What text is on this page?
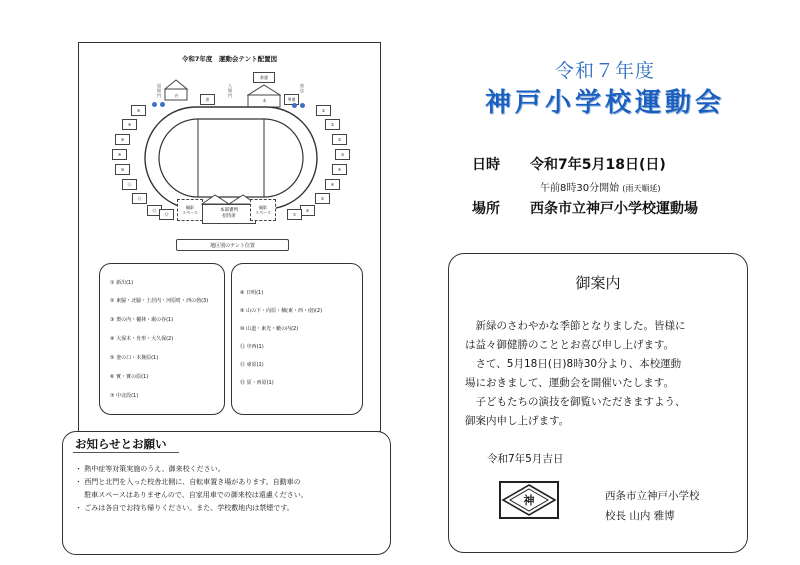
令和7年度　運動会テント配置図
台
席
救護
本	準備
退場門
入場門
放送
⑨
⑨
⑨
⑨
⑩
⑪
⑫
⑬
⑬
①
②
②
③
④
④
⑤
⑥
⑦
撮影
スペース	本部審判
招待席
撮影
スペース
地区別のテント位置
① 新出(1)
② 東脇・北脇・土居内・河原町・西の箇(3)
③ 奥の内・樋林・堀の谷(1)
④ 大保木・舟形・大久保(2)
⑤ 釜の口・木挽原(1)
⑥ 實・實の原(1)
⑦ 中北段(1)
⑧ 日明(1)
⑨ 山の下・向原・楠(東・西・南)(2)
⑩ 山道・東光・藪の内(2)
⑪ 中西(1)
⑫ 東原(1)
⑬ 原・西原(1)
お知らせとお願い
・ 熱中症等対策実施のうえ、御来校ください。
・ 西門と北門を入った校舎北側に、自転車置き場があります。自動車の
　 駐車スペースはありませんので、自家用車での御来校は遠慮ください。
・ ごみは各自でお持ち帰りください。また、学校敷地内は禁煙です。
令和７年度
神戸小学校運動会
日時 令和7年5月18日(日)
午前8時30分開始 (雨天順延)
場所 西条市立神戸小学校運動場
御案内
　新緑のさわやかな季節となりました。皆様に
は益々御健勝のこととお喜び申し上げます。
　さて、5月18日(日)8時30分より、本校運動
場におきまして、運動会を開催いたします。
　子どもたちの演技を御覧いただきますよう、
御案内申し上げます。
令和7年5月吉日
神	西条市立神戸小学校
校長 山内 雅博
